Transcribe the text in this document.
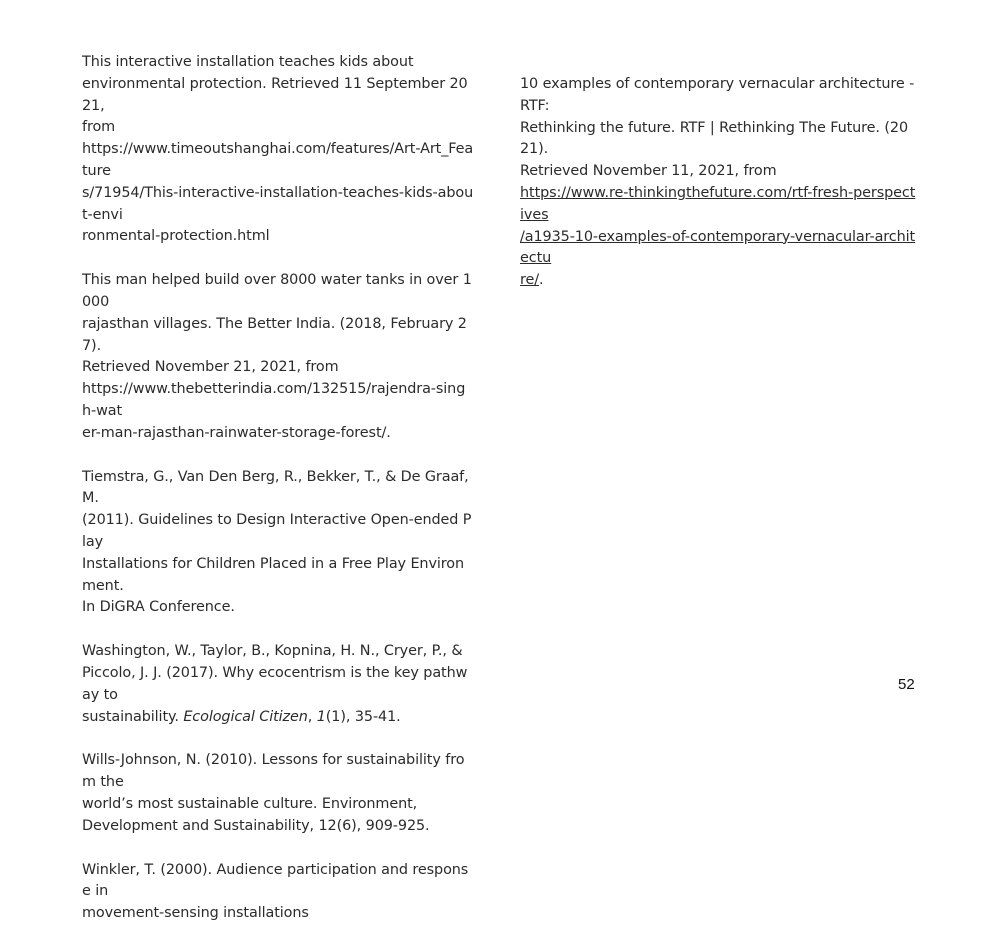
This interactive installation teaches kids about
environmental protection. Retrieved 11 September 2021,
from
https://www.timeoutshanghai.com/features/Art-Art_Feature
s/71954/This-interactive-installation-teaches-kids-about-envi
ronmental-protection.html

This man helped build over 8000 water tanks in over 1000
rajasthan villages. The Better India. (2018, February 27).
Retrieved November 21, 2021, from
https://www.thebetterindia.com/132515/rajendra-singh-wat
er-man-rajasthan-rainwater-storage-forest/.

Tiemstra, G., Van Den Berg, R., Bekker, T., & De Graaf, M.
(2011). Guidelines to Design Interactive Open-ended Play
Installations for Children Placed in a Free Play Environment.
In DiGRA Conference.

Washington, W., Taylor, B., Kopnina, H. N., Cryer, P., &
Piccolo, J. J. (2017). Why ecocentrism is the key pathway to
sustainability. Ecological Citizen, 1(1), 35-41.

Wills-Johnson, N. (2010). Lessons for sustainability from the
world’s most sustainable culture. Environment,
Development and Sustainability, 12(6), 909-925.

Winkler, T. (2000). Audience participation and response in
movement-sensing installations

10 examples of contemporary vernacular architecture - RTF:
Rethinking the future. RTF | Rethinking The Future. (2021).
Retrieved November 11, 2021, from
https://www.re-thinkingthefuture.com/rtf-fresh-perspectives
/a1935-10-examples-of-contemporary-vernacular-architectu
re/.

52
